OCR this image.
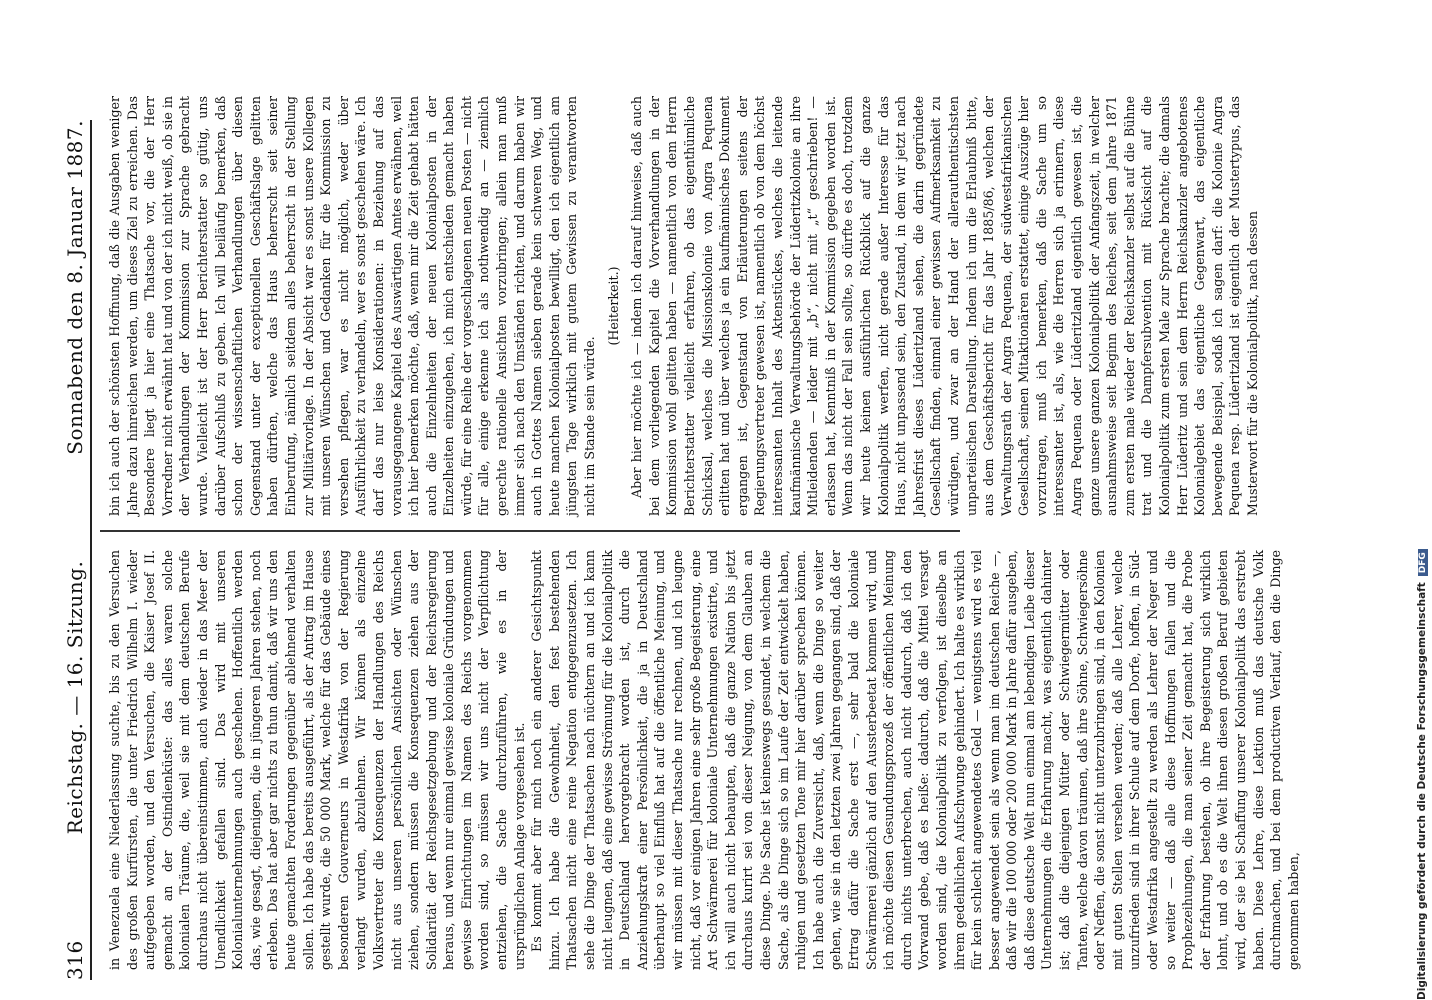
316
Reichstag. — 16. Sitzung.
Sonnabend den 8. Januar 1887.

in Venezuela eine Niederlassung suchte, bis zu den Versuchen des großen Kurfürsten, die unter Friedrich Wilhelm I. wieder aufgegeben worden, und den Versuchen, die Kaiser Josef II. gemacht an der Ostindienküste: das alles waren solche kolonialen Träume, die, weil sie mit dem deutschen Berufe durchaus nicht übereinstimmen, auch wieder in das Meer der Unendlichkeit gefallen sind. Das wird mit unseren Kolonialunternehmungen auch geschehen. Hoffentlich werden das, wie gesagt, diejenigen, die in jüngeren Jahren stehen, noch erleben. Das hat aber gar nichts zu thun damit, daß wir uns den heute gemachten Forderungen gegenüber ablehnend verhalten sollen. Ich habe das bereits ausgeführt, als der Antrag im Hause gestellt wurde, die 50 000 Mark, welche für das Gebäude eines besonderen Gouverneurs in Westafrika von der Regierung verlangt wurden, abzulehnen. Wir können als einzelne Volksvertreter die Konsequenzen der Handlungen des Reichs nicht aus unseren persönlichen Ansichten oder Wünschen ziehen, sondern müssen die Konsequenzen ziehen aus der Solidarität der Reichsgesetzgebung und der Reichsregierung heraus, und wenn nur einmal gewisse koloniale Gründungen und gewisse Einrichtungen im Namen des Reichs vorgenommen worden sind, so müssen wir uns nicht der Verpflichtung entziehen, die Sache durchzuführen, wie es in der ursprünglichen Anlage vorgesehen ist. Es kommt aber für mich noch ein anderer Gesichtspunkt hinzu. Ich habe die Gewohnheit, den fest bestehenden Thatsachen nicht eine reine Negation entgegenzusetzen. Ich sehe die Dinge der Thatsachen nach nüchtern an und ich kann nicht leugnen, daß eine gewisse Strömung für die Kolonialpolitik in Deutschland hervorgebracht worden ist, durch die Anziehungskraft einer Persönlichkeit, die ja in Deutschland überhaupt so viel Einfluß hat auf die öffentliche Meinung, und wir müssen mit dieser Thatsache nur rechnen, und ich leugne nicht, daß vor einigen Jahren eine sehr große Begeisterung, eine Art Schwärmerei für koloniale Unternehmungen existirte, und ich will auch nicht behaupten, daß die ganze Nation bis jetzt durchaus kurirt sei von dieser Neigung, von dem Glauben an diese Dinge. Die Sache ist keineswegs gesundet, in welchem die Sache, als die Dinge sich so im Laufe der Zeit entwickelt haben, ruhigen und gesetzten Tone mir hier darüber sprechen können. Ich habe auch die Zuversicht, daß, wenn die Dinge so weiter gehen, wie sie in den letzten zwei Jahren gegangen sind, daß der Ertrag dafür die Sache erst —, sehr bald die koloniale Schwärmerei gänzlich auf den Aussterbeetat kommen wird, und ich möchte diesen Gesundungsprozeß der öffentlichen Meinung durch nichts unterbrechen, auch nicht dadurch, daß ich den Vorwand gebe, daß es heiße: dadurch, daß die Mittel versagt worden sind, die Kolonialpolitik zu verfolgen, ist dieselbe an ihrem gedeihlichen Aufschwunge gehindert. Ich halte es wirklich für kein schlecht angewendetes Geld — wenigstens wird es viel besser angewendet sein als wenn man im deutschen Reiche —, daß wir die 100 000 oder 200 000 Mark in Jahre dafür ausgeben, daß diese deutsche Welt nun einmal am lebendigen Leibe dieser Unternehmungen die Erfahrung macht, was eigentlich dahinter ist; daß die diejenigen Mütter oder Schwiegermütter oder Tanten, welche davon träumen, daß ihre Söhne, Schwiegersöhne oder Neffen, die sonst nicht unterzubringen sind, in den Kolonien mit guten Stellen versehen werden; daß alle Lehrer, welche unzufrieden sind in ihrer Schule auf dem Dorfe, hoffen, in Süd- oder Westafrika angestellt zu werden als Lehrer der Neger und so weiter — daß alle diese Hoffnungen fallen und die Prophezeihungen, die man seiner Zeit gemacht hat, die Probe der Erfahrung bestehen, ob ihre Begeisterung sich wirklich lohnt, und ob es die Welt ihnen diesen großen Beruf gebieten wird, der sie bei Schaffung unserer Kolonialpolitik das erstrebt haben. Diese Lehre, diese Lektion muß das deutsche Volk durchmachen, und bei dem productiven Verlauf, den die Dinge genommen haben,

bin ich auch der schönsten Hoffnung, daß die Ausgaben weniger Jahre dazu hinreichen werden, um dieses Ziel zu erreichen. Das Besondere liegt ja hier eine Thatsache vor, die der Herr Vorredner nicht erwähnt hat und von der ich nicht weiß, ob sie in der Verhandlungen der Kommission zur Sprache gebracht wurde. Vielleicht ist der Herr Berichterstatter so gütig, uns darüber Aufschluß zu geben. Ich will beiläufig bemerken, daß schon der wissenschaftlichen Verhandlungen über diesen Gegenstand unter der exceptionellen Geschäftslage gelitten haben dürften, welche das Haus beherrscht seit seiner Einberufung, nämlich seitdem alles beherrscht in der Stellung zur Militärvorlage. In der Absicht war es sonst unsere Kollegen mit unseren Wünschen und Gedanken für die Kommission zu versehen pflegen, war es nicht möglich, weder über Ausführlichkeit zu verhandeln, wer es sonst geschehen wäre. Ich darf das nur leise Konsiderationen: in Beziehung auf das vorausgegangene Kapitel des Auswärtigen Amtes erwähnen, weil ich hier bemerken möchte, daß, wenn mir die Zeit gehabt hätten auch die Einzelnheiten der neuen Kolonialposten in der Einzelheiten einzugehen, ich mich entschieden gemacht haben würde, für eine Reihe der vorgeschlagenen neuen Posten — nicht für alle, einige erkenne ich als nothwendig an — ziemlich gerechte rationelle Ansichten vorzubringen; allein man muß immer sich nach den Umständen richten, und darum haben wir auch in Gottes Namen sieben gerade kein schweren Weg, und heute manchen Kolonialposten bewilligt, den ich eigentlich am jüngsten Tage wirklich mit gutem Gewissen zu verantworten nicht im Stande sein würde.

(Heiterkeit.) Aber hier möchte ich — indem ich darauf hinweise, daß auch bei dem vorliegenden Kapitel die Vorverhandlungen in der Kommission wohl gelitten haben — namentlich von dem Herrn Berichterstatter vielleicht erfahren, ob das eigenthümliche Schicksal, welches die Missionskolonie von Angra Pequena erlitten hat und über welches ja ein kaufmännisches Dokument ergangen ist, Gegenstand von Erläuterungen seitens der Regierungsvertreter gewesen ist, namentlich ob von dem höchst interessanten Inhalt des Aktenstückes, welches die leitende kaufmännische Verwaltungsbehörde der Lüderitzkolonie an ihre Mitleidenden — leider mit „b“, nicht mit „t“ geschrieben! — erlassen hat, Kenntniß in der Kommission gegeben worden ist. Wenn das nicht der Fall sein sollte, so dürfte es doch, trotzdem wir heute keinen ausführlichen Rückblick auf die ganze Kolonialpolitik werfen, nicht gerade außer Interesse für das Haus, nicht unpassend sein, den Zustand, in dem wir jetzt nach Jahresfrist dieses Lüderitzland sehen, die darin gegründete Gesellschaft finden, einmal einer gewissen Aufmerksamkeit zu würdigen, und zwar an der Hand der allerauthentischsten unparteiischen Darstellung. Indem ich um die Erlaubniß bitte, aus dem Geschäftsbericht für das Jahr 1885/86, welchen der Verwaltungsrath der Angra Pequena, der südwestafrikanischen Gesellschaft, seinen Mitaktionären erstattet, einige Auszüge hier vorzutragen, muß ich bemerken, daß die Sache um so interessanter ist, als, wie die Herren sich ja erinnern, diese Angra Pequena oder Lüderitzland eigentlich gewesen ist, die ganze unsere ganzen Kolonialpolitik der Anfangszeit, in welcher ausnahmsweise seit Beginn des Reiches, seit dem Jahre 1871 zum ersten male wieder der Reichskanzler selbst auf die Bühne trat und die Dampfersubvention mit Rücksicht auf die Kolonialpolitik zum ersten Male zur Sprache brachte; die damals Herr Lüderitz und sein dem Herrn Reichskanzler angebotenes Kolonialgebiet das eigentliche Gegenwart, das eigentliche bewegende Beispiel, sodaß ich sagen darf: die Kolonie Angra Pequena resp. Lüderitzland ist eigentlich der Mustertypus, das Musterwort für die Kolonialpolitik, nach dessen

Digitalisierung gefördert durch die Deutsche ForschungsgemeinschaftDFG
